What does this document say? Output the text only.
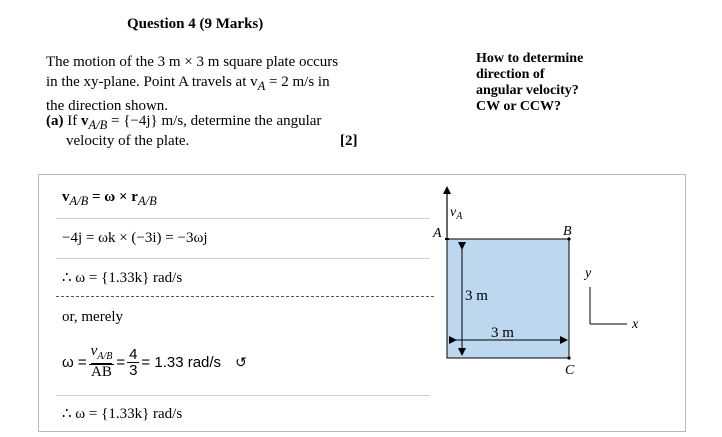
Question 4 (9 Marks)
The motion of the 3 m × 3 m square plate occurs
in the xy-plane. Point A travels at $v_A = 2$ m/s in
the direction shown.
(a) If $v_{A/B} = \{-4j\}$ m/s, determine the angular
velocity of the plate.	[2]
How to determine
direction of
angular velocity?
CW or CCW?
$v_{A/B} = \omega \times r_{A/B}$
−4j = ωk × (−3i) = −3ωj
∴ ω = {1.33k} rad/s
or, merely
$\omega = \frac{v_{A/B}}{AB} = \frac{4}{3} = 1.33$ rad/s ↺
∴ ω = {1.33k} rad/s
$v_A$
A	B
C
3 m
3 m
y
x
